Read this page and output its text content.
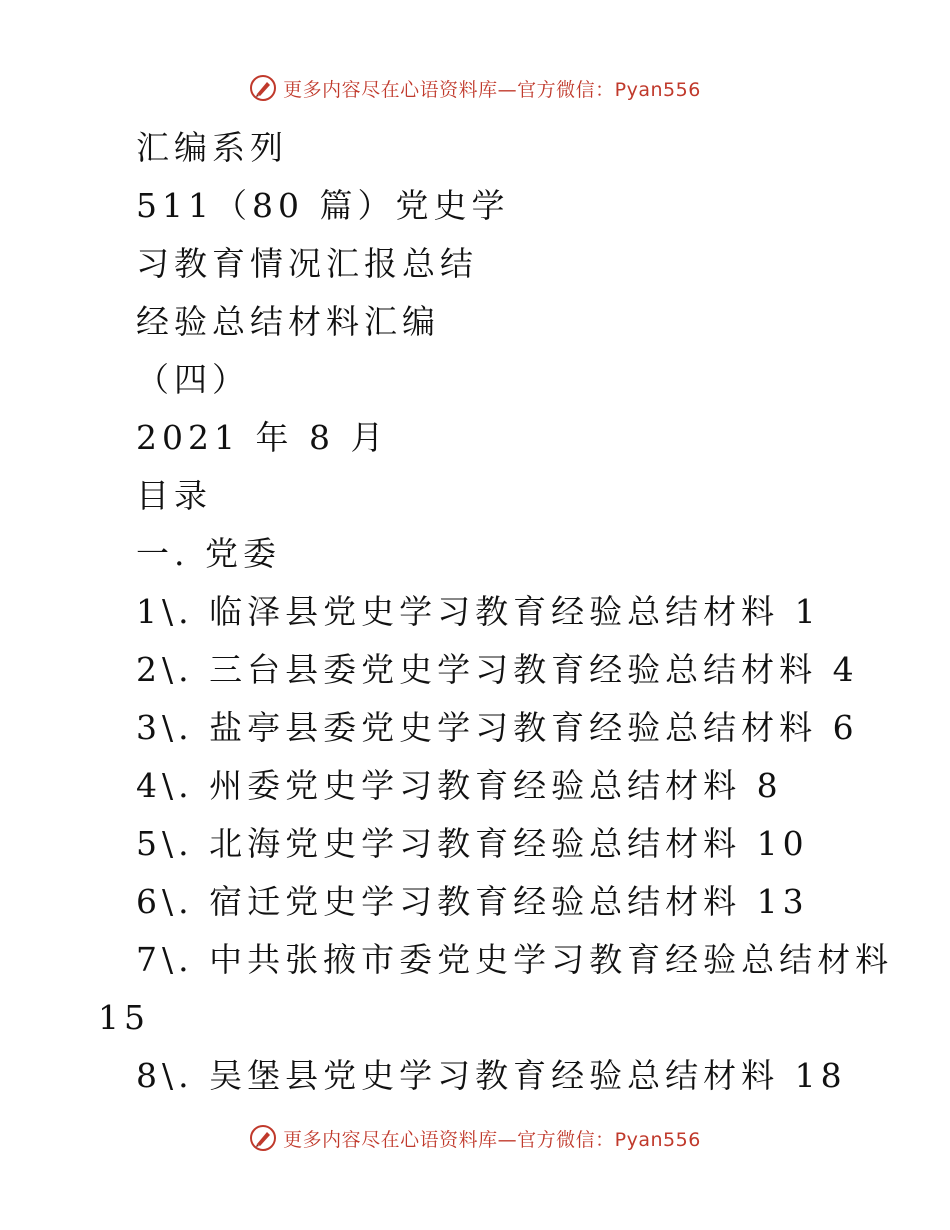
更多内容尽在心语资料库—官方微信：Pyan556
汇编系列
511（80 篇）党史学
习教育情况汇报总结
经验总结材料汇编
（四）
2021 年 8 月
目录
一. 党委
1\. 临泽县党史学习教育经验总结材料 1
2\. 三台县委党史学习教育经验总结材料 4
3\. 盐亭县委党史学习教育经验总结材料 6
4\. 州委党史学习教育经验总结材料 8
5\. 北海党史学习教育经验总结材料 10
6\. 宿迁党史学习教育经验总结材料 13
7\. 中共张掖市委党史学习教育经验总结材料
15
8\. 吴堡县党史学习教育经验总结材料 18
更多内容尽在心语资料库—官方微信：Pyan556
